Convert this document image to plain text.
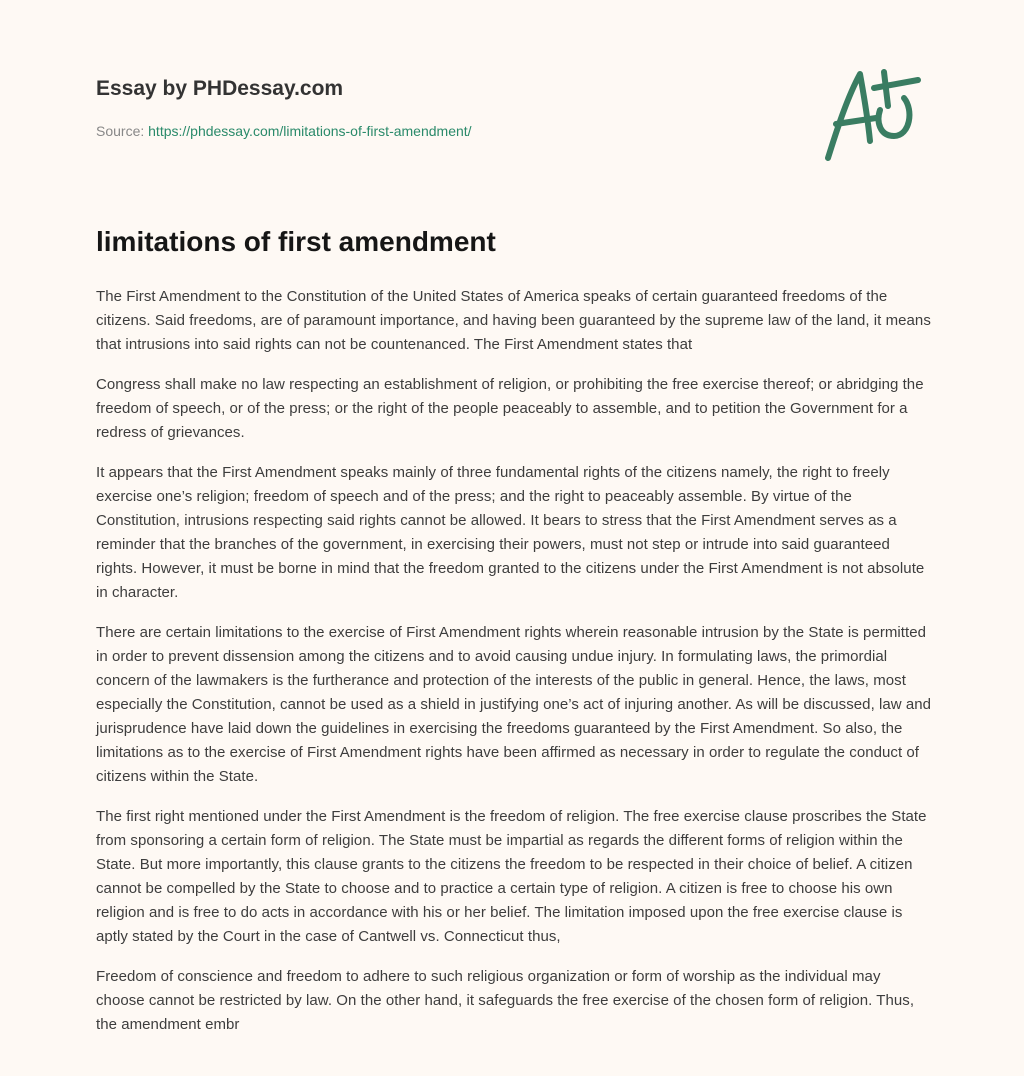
Essay by PHDessay.com
Source: https://phdessay.com/limitations-of-first-amendment/
limitations of first amendment

The First Amendment to the Constitution of the United States of America speaks of certain guaranteed freedoms of the citizens. Said freedoms, are of paramount importance, and having been guaranteed by the supreme law of the land, it means that intrusions into said rights can not be countenanced. The First Amendment states that

Congress shall make no law respecting an establishment of religion, or prohibiting the free exercise thereof; or abridging the freedom of speech, or of the press; or the right of the people peaceably to assemble, and to petition the Government for a redress of grievances.

It appears that the First Amendment speaks mainly of three fundamental rights of the citizens namely, the right to freely exercise one’s religion; freedom of speech and of the press; and the right to peaceably assemble. By virtue of the Constitution, intrusions respecting said rights cannot be allowed. It bears to stress that the First Amendment serves as a reminder that the branches of the government, in exercising their powers, must not step or intrude into said guaranteed rights. However, it must be borne in mind that the freedom granted to the citizens under the First Amendment is not absolute in character.

There are certain limitations to the exercise of First Amendment rights wherein reasonable intrusion by the State is permitted in order to prevent dissension among the citizens and to avoid causing undue injury. In formulating laws, the primordial concern of the lawmakers is the furtherance and protection of the interests of the public in general. Hence, the laws, most especially the Constitution, cannot be used as a shield in justifying one’s act of injuring another. As will be discussed, law and jurisprudence have laid down the guidelines in exercising the freedoms guaranteed by the First Amendment. So also, the limitations as to the exercise of First Amendment rights have been affirmed as necessary in order to regulate the conduct of citizens within the State.

The first right mentioned under the First Amendment is the freedom of religion. The free exercise clause proscribes the State from sponsoring a certain form of religion. The State must be impartial as regards the different forms of religion within the State. But more importantly, this clause grants to the citizens the freedom to be respected in their choice of belief. A citizen cannot be compelled by the State to choose and to practice a certain type of religion. A citizen is free to choose his own religion and is free to do acts in accordance with his or her belief. The limitation imposed upon the free exercise clause is aptly stated by the Court in the case of Cantwell vs. Connecticut thus,

Freedom of conscience and freedom to adhere to such religious organization or form of worship as the individual may choose cannot be restricted by law. On the other hand, it safeguards the free exercise of the chosen form of religion. Thus, the amendment embr
